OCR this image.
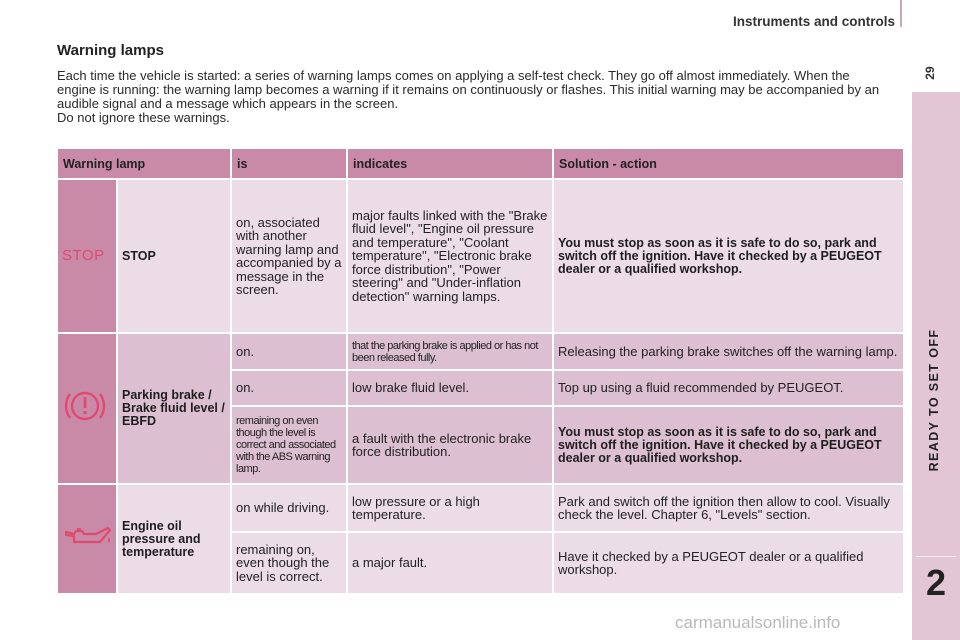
Instruments and controls
29
READY TO SET OFF
2
Warning lamps

Each time the vehicle is started: a series of warning lamps comes on applying a self-test check. They go off almost immediately. When the engine is running: the warning lamp becomes a warning if it remains on continuously or flashes. This initial warning may be accompanied by an audible signal and a message which appears in the screen.

Do not ignore these warnings.

Warning lamp		is	indicates	Solution - action
STOP	STOP	on, associated with another warning lamp and accompanied by a message in the screen.	major faults linked with the "Brake fluid level", "Engine oil pressure and temperature", "Coolant temperature", "Electronic brake force distribution", "Power steering" and "Under-inflation detection" warning lamps.	You must stop as soon as it is safe to do so, park and switch off the ignition. Have it checked by a PEUGEOT dealer or a qualified workshop.
	Parking brake / Brake fluid level / EBFD	on.	that the parking brake is applied or has not been released fully.	Releasing the parking brake switches off the warning lamp.
		on.	low brake fluid level.	Top up using a fluid recommended by PEUGEOT.
		remaining on even though the level is correct and associated with the ABS warning lamp.	a fault with the electronic brake force distribution.	You must stop as soon as it is safe to do so, park and switch off the ignition. Have it checked by a PEUGEOT dealer or a qualified workshop.
	Engine oil pressure and temperature	on while driving.	low pressure or a high temperature.	Park and switch off the ignition then allow to cool. Visually check the level. Chapter 6, "Levels" section.
		remaining on, even though the level is correct.	a major fault.	Have it checked by a PEUGEOT dealer or a qualified workshop.
carmanualsonline.info
